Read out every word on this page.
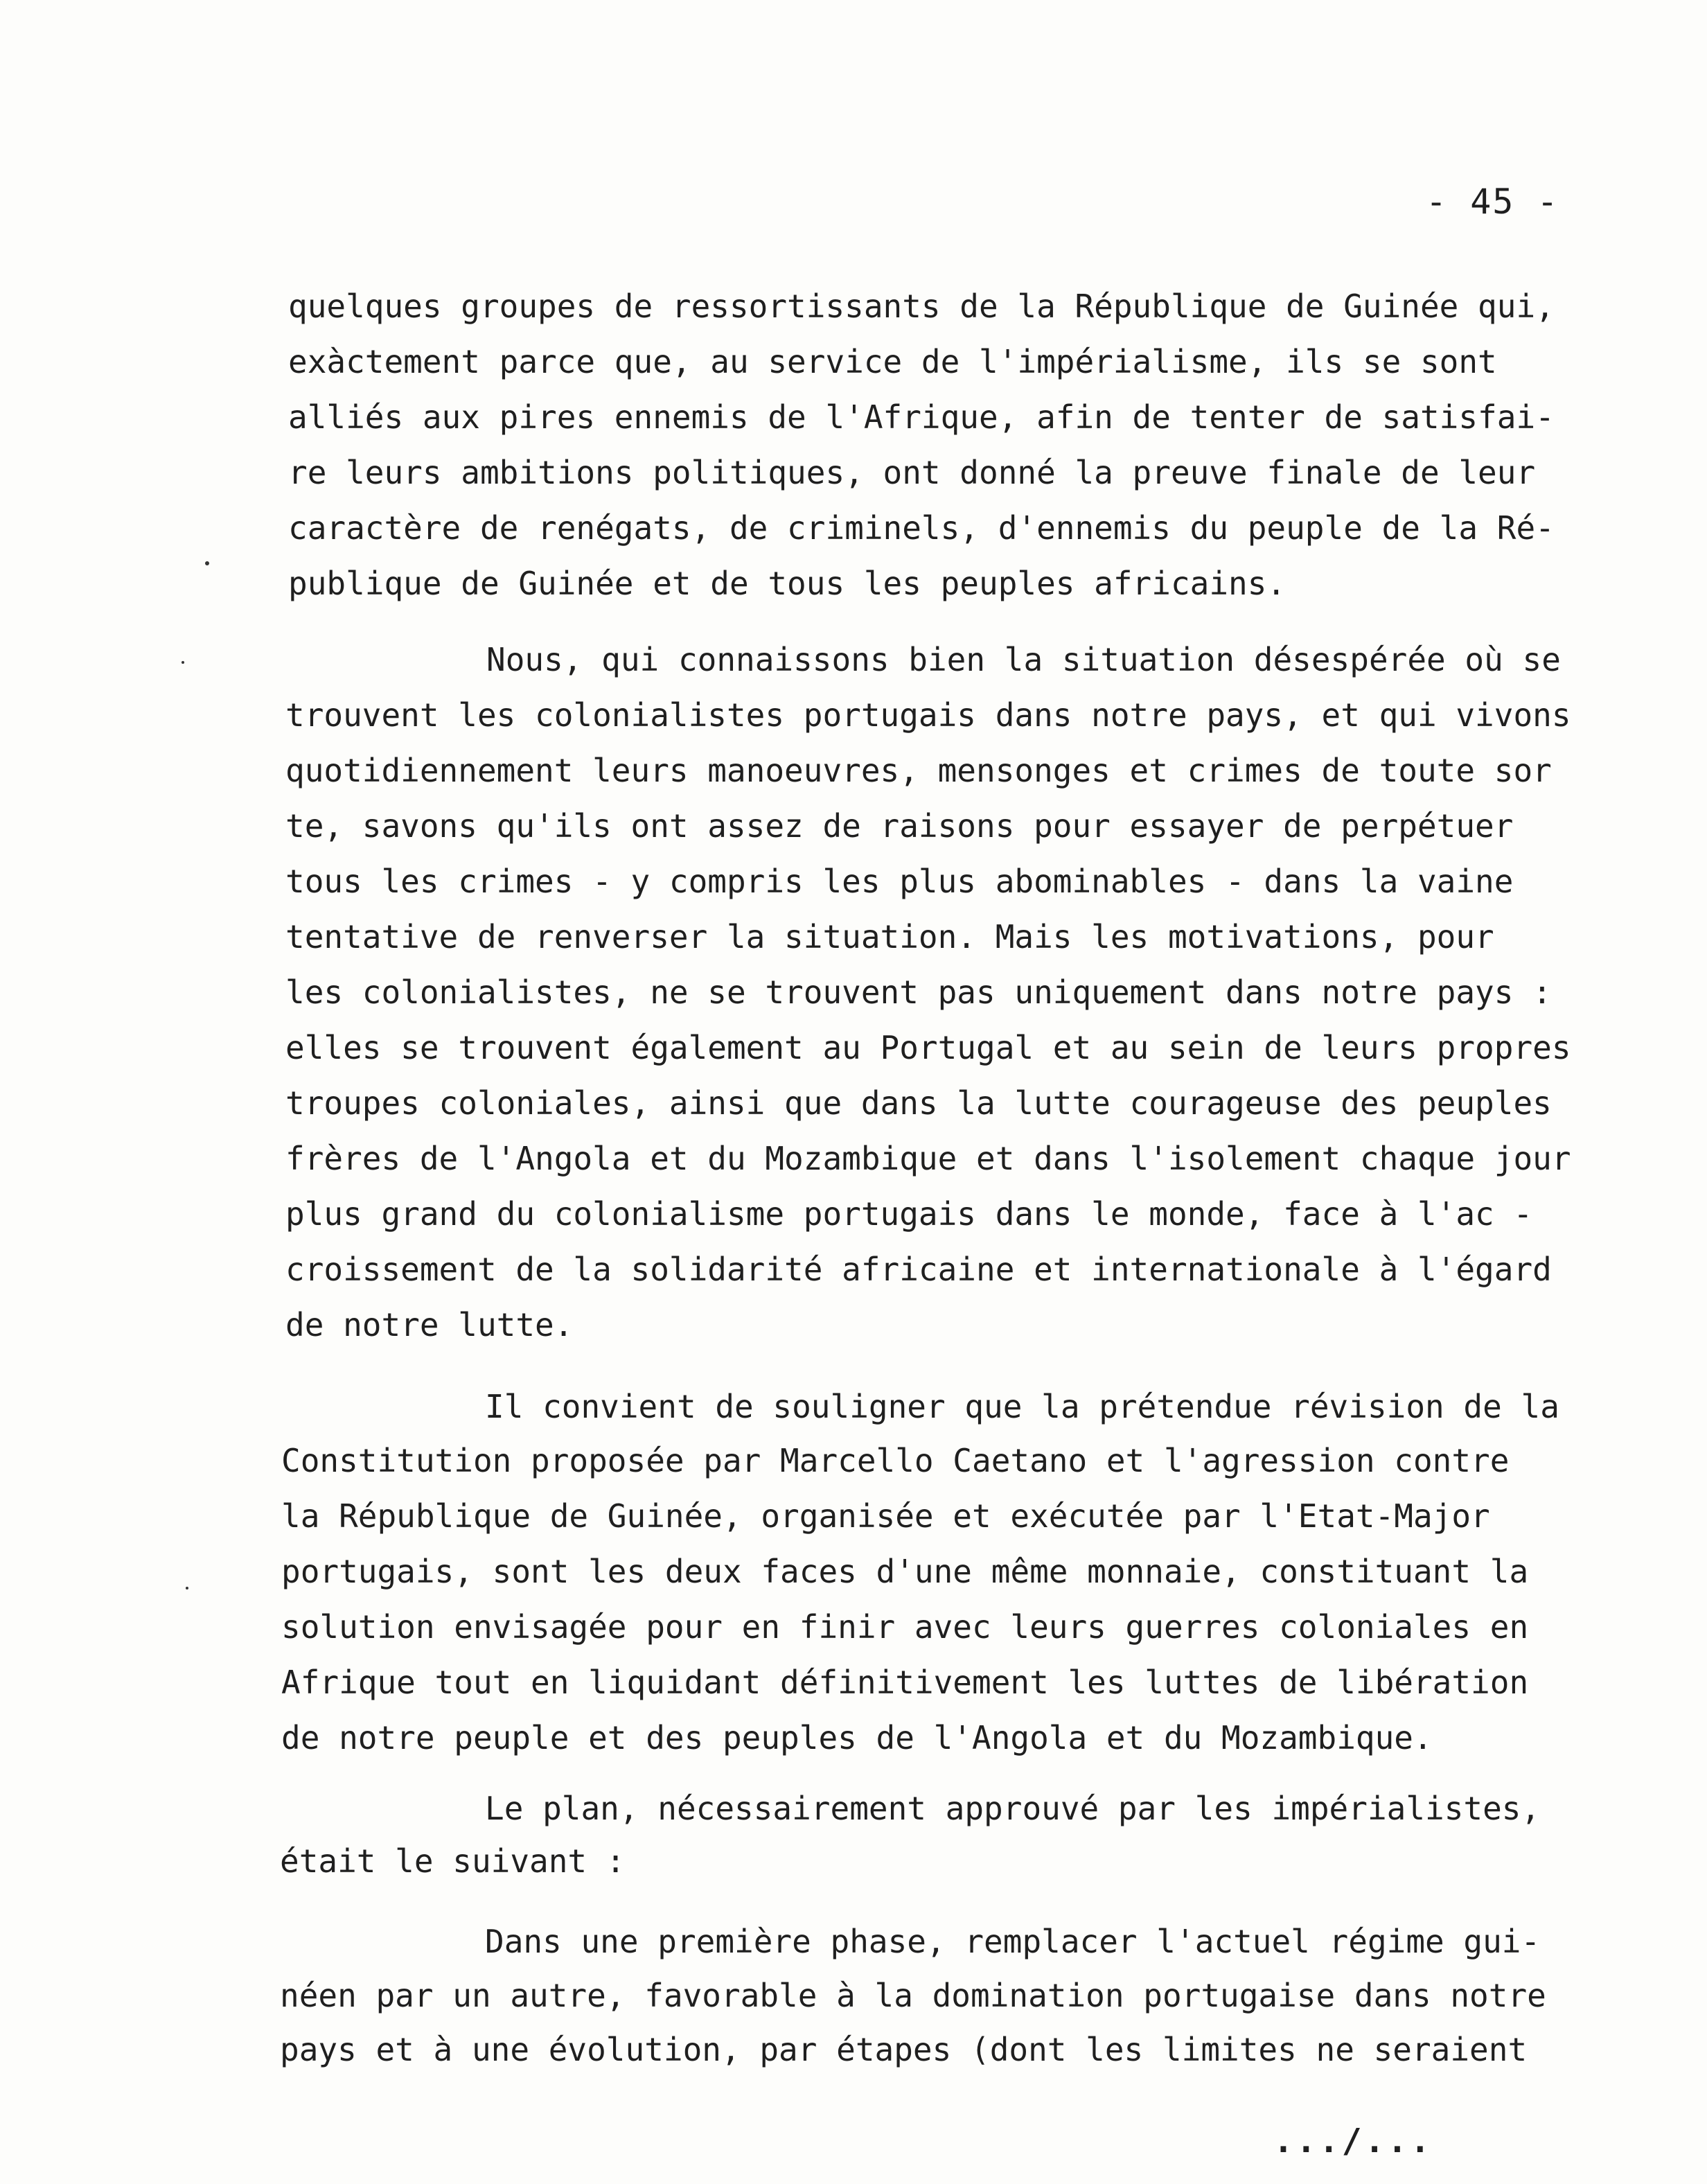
- 45 -
quelques groupes de ressortissants de la République de Guinée qui,
exàctement parce que, au service de l'impérialisme, ils se sont
alliés aux pires ennemis de l'Afrique, afin de tenter de satisfai-
re leurs ambitions politiques, ont donné la preuve finale de leur
caractère de renégats, de criminels, d'ennemis du peuple de la Ré-
publique de Guinée et de tous les peuples africains.
Nous, qui connaissons bien la situation désespérée où se
trouvent les colonialistes portugais dans notre pays, et qui vivons
quotidiennement leurs manoeuvres, mensonges et crimes de toute sor
te, savons qu'ils ont assez de raisons pour essayer de perpétuer
tous les crimes - y compris les plus abominables - dans la vaine
tentative de renverser la situation. Mais les motivations, pour
les colonialistes, ne se trouvent pas uniquement dans notre pays :
elles se trouvent également au Portugal et au sein de leurs propres
troupes coloniales, ainsi que dans la lutte courageuse des peuples
frères de l'Angola et du Mozambique et dans l'isolement chaque jour
plus grand du colonialisme portugais dans le monde, face à l'ac -
croissement de la solidarité africaine et internationale à l'égard
de notre lutte.
Il convient de souligner que la prétendue révision de la
Constitution proposée par Marcello Caetano et l'agression contre
la République de Guinée, organisée et exécutée par l'Etat-Major
portugais, sont les deux faces d'une même monnaie, constituant la
solution envisagée pour en finir avec leurs guerres coloniales en
Afrique tout en liquidant définitivement les luttes de libération
de notre peuple et des peuples de l'Angola et du Mozambique.
Le plan, nécessairement approuvé par les impérialistes,
était le suivant :
Dans une première phase, remplacer l'actuel régime gui-
néen par un autre, favorable à la domination portugaise dans notre
pays et à une évolution, par étapes (dont les limites ne seraient
.../...
